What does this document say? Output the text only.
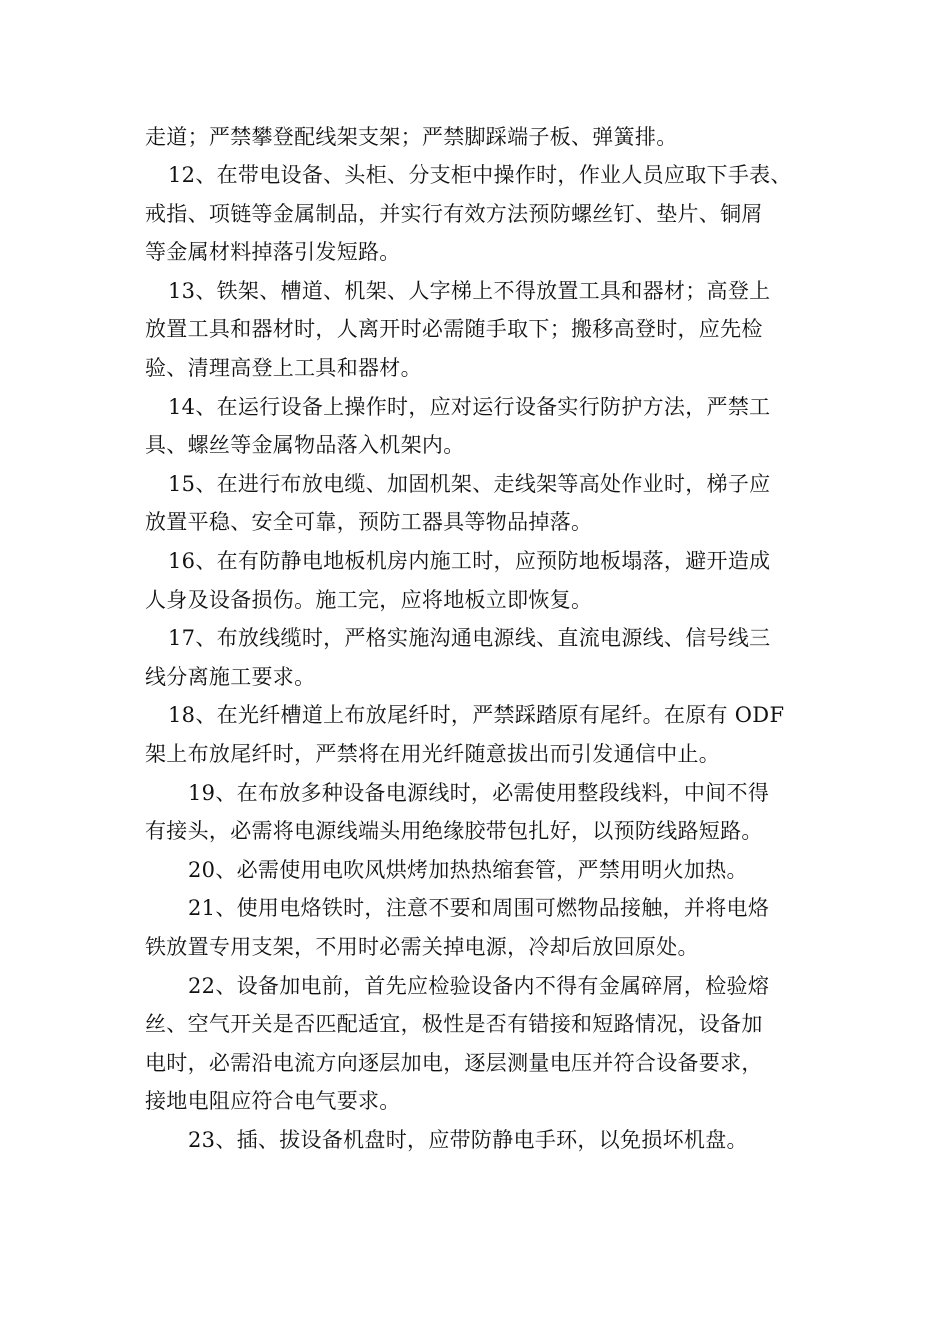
走道；严禁攀登配线架支架；严禁脚踩端子板、弹簧排。
12、在带电设备、头柜、分支柜中操作时，作业人员应取下手表、
戒指、项链等金属制品，并实行有效方法预防螺丝钉、垫片、铜屑
等金属材料掉落引发短路。
13、铁架、槽道、机架、人字梯上不得放置工具和器材；高登上
放置工具和器材时，人离开时必需随手取下；搬移高登时，应先检
验、清理高登上工具和器材。
14、在运行设备上操作时，应对运行设备实行防护方法，严禁工
具、螺丝等金属物品落入机架内。
15、在进行布放电缆、加固机架、走线架等高处作业时，梯子应
放置平稳、安全可靠，预防工器具等物品掉落。
16、在有防静电地板机房内施工时，应预防地板塌落，避开造成
人身及设备损伤。施工完，应将地板立即恢复。
17、布放线缆时，严格实施沟通电源线、直流电源线、信号线三
线分离施工要求。
18、在光纤槽道上布放尾纤时，严禁踩踏原有尾纤。在原有 ODF
架上布放尾纤时，严禁将在用光纤随意拔出而引发通信中止。
19、在布放多种设备电源线时，必需使用整段线料，中间不得
有接头，必需将电源线端头用绝缘胶带包扎好，以预防线路短路。
20、必需使用电吹风烘烤加热热缩套管，严禁用明火加热。
21、使用电烙铁时，注意不要和周围可燃物品接触，并将电烙
铁放置专用支架，不用时必需关掉电源，冷却后放回原处。
22、设备加电前，首先应检验设备内不得有金属碎屑，检验熔
丝、空气开关是否匹配适宜，极性是否有错接和短路情况，设备加
电时，必需沿电流方向逐层加电，逐层测量电压并符合设备要求，
接地电阻应符合电气要求。
23、插、拔设备机盘时，应带防静电手环，以免损坏机盘。
